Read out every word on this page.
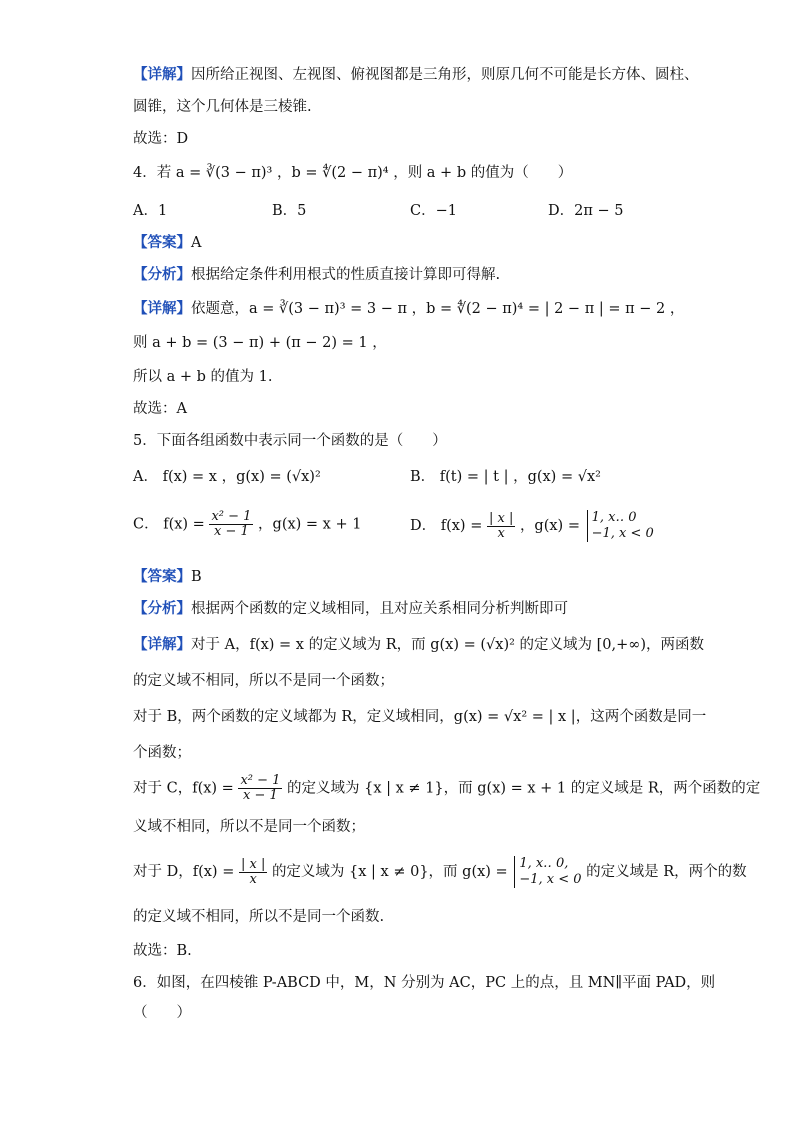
【详解】因所给正视图、左视图、俯视图都是三角形，则原几何不可能是长方体、圆柱、
圆锥，这个几何体是三棱锥.
故选：D
4．若 a = ∛(3 − π)³ ，b = ∜(2 − π)⁴ ，则 a + b 的值为（　　）
A．1	B．5	C．−1	D．2π − 5
【答案】A
【分析】根据给定条件利用根式的性质直接计算即可得解.
【详解】依题意，a = ∛(3 − π)³ = 3 − π ，b = ∜(2 − π)⁴ = | 2 − π | = π − 2 ，
则 a + b = (3 − π) + (π − 2) = 1 ，
所以 a + b 的值为 1.
故选：A
5．下面各组函数中表示同一个函数的是（　　）
A． f(x) = x ，g(x) = (√x)²	B． f(t) = | t | ，g(x) = √x²
C． $f(x) = \frac{\text{x² − 1}}{x - 1}$ ，g(x) = x + 1	D． $f(x) = \frac{| x |}{x}$ ，g(x) =
1, x‥ 0
−1, x < 0
【答案】B
【分析】根据两个函数的定义域相同，且对应关系相同分析判断即可
【详解】对于 A，f(x) = x 的定义域为 R，而 g(x) = (√x)² 的定义域为 [0,+∞)，两函数
的定义域不相同，所以不是同一个函数；
对于 B，两个函数的定义域都为 R，定义域相同，g(x) = √x² = | x |，这两个函数是同一
个函数；
对于 C，$f(x) = \frac{\text{x² − 1}}{x - 1}$ 的定义域为 {x | x ≠ 1}，而 g(x) = x + 1 的定义域是 R，两个函数的定
义域不相同，所以不是同一个函数；
对于 D，$f(x) = \frac{| x |}{x}$ 的定义域为 {x | x ≠ 0}，而 g(x) =
1, x‥ 0,
−1, x < 0 的定义域是 R，两个的数
的定义域不相同，所以不是同一个函数.
故选：B.
6．如图，在四棱锥 P-ABCD 中，M，N 分别为 AC，PC 上的点，且 MN∥平面 PAD，则
（　　）
